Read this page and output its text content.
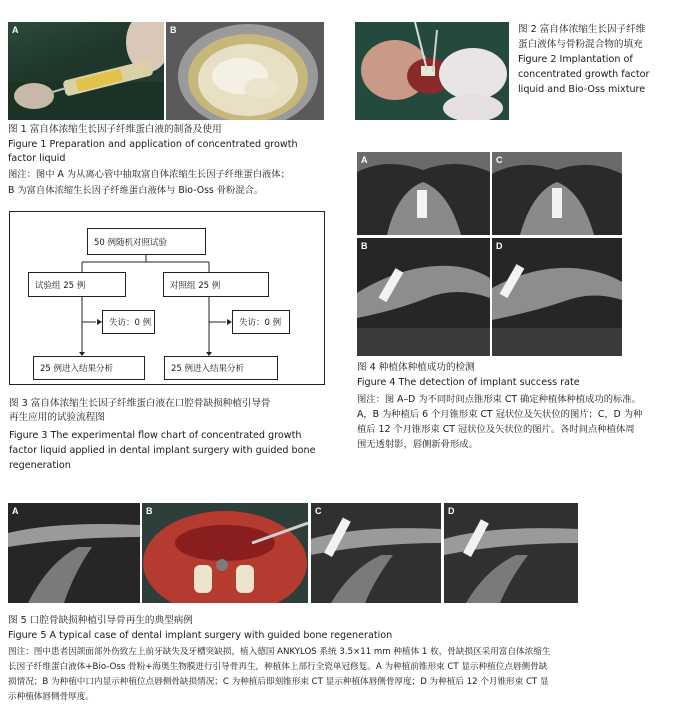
A	B
图 1 富自体浓缩生长因子纤维蛋白液的制备及使用
Figure 1 Preparation and application of concentrated growth factor liquid
图注：图中 A 为从离心管中抽取富自体浓缩生长因子纤维蛋白液体；
B 为富自体浓缩生长因子纤维蛋白液体与 Bio-Oss 骨粉混合。
图 2 富自体浓缩生长因子纤维
蛋白液体与骨粉混合物的填充
Figure 2 Implantation of
concentrated growth factor
liquid and Bio-Oss mixture
50 例随机对照试验
试验组 25 例	对照组 25 例
失访：0 例	失访：0 例
25 例进入结果分析	25 例进入结果分析
图 3 富自体浓缩生长因子纤维蛋白液在口腔骨缺损种植引导骨
再生应用的试验流程图
Figure 3 The experimental flow chart of concentrated growth
factor liquid applied in dental implant surgery with guided bone
regeneration
A	C
B	D
图 4 种植体种植成功的检测
Figure 4 The detection of implant success rate
图注：图 A–D 为不同时间点锥形束 CT 确定种植体种植成功的标准。
A，B 为种植后 6 个月锥形束 CT 冠状位及矢状位的图片；C，D 为种
植后 12 个月锥形束 CT 冠状位及矢状位的图片。各时间点种植体周
围无透射影，唇侧新骨形成。
A	B	C	D
图 5 口腔骨缺损种植引导骨再生的典型病例
Figure 5 A typical case of dental implant surgery with guided bone regeneration
图注：图中患者因颌面部外伤致左上前牙缺失及牙槽突缺损，植入德国 ANKYLOS 系统 3.5×11 mm 种植体 1 枚，骨缺损区采用富自体浓缩生
长因子纤维蛋白液体+Bio-Oss 骨粉+海奥生物膜进行引导骨再生，种植体上部行全瓷单冠修复。A 为种植前锥形束 CT 显示种植位点唇侧骨缺
损情况；B 为种植中口内显示种植位点唇侧骨缺损情况；C 为种植后即刻锥形束 CT 显示种植体唇侧骨厚度；D 为种植后 12 个月锥形束 CT 显
示种植体唇侧骨厚度。
